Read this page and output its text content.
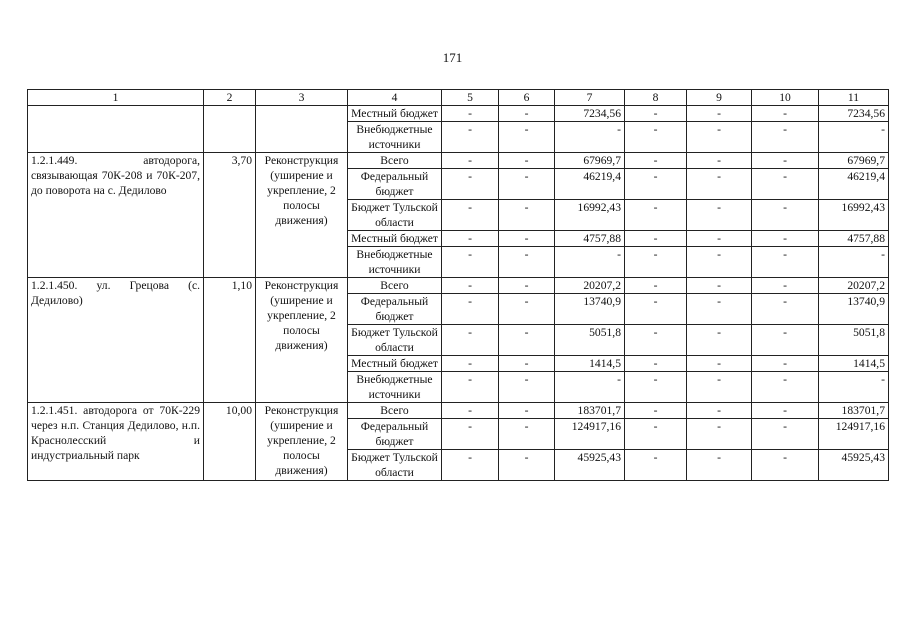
171
1	2	3	4	5	6	7	8	9	10	11
			Местный бюджет	-	-	7234,56	-	-	-	7234,56
			Внебюджетные источники	-	-	-	-	-	-	-
1.2.1.449. автодорога, связывающая 70К-208 и 70К-207, до поворота на с. Дедилово	3,70	Реконструкция (уширение и укрепление, 2 полосы движения)	Всего	-	-	67969,7	-	-	-	67969,7
			Федеральный бюджет	-	-	46219,4	-	-	-	46219,4
			Бюджет Тульской области	-	-	16992,43	-	-	-	16992,43
			Местный бюджет	-	-	4757,88	-	-	-	4757,88
			Внебюджетные источники	-	-	-	-	-	-	-
1.2.1.450. ул. Грецова (с. Дедилово)	1,10	Реконструкция (уширение и укрепление, 2 полосы движения)	Всего	-	-	20207,2	-	-	-	20207,2
			Федеральный бюджет	-	-	13740,9	-	-	-	13740,9
			Бюджет Тульской области	-	-	5051,8	-	-	-	5051,8
			Местный бюджет	-	-	1414,5	-	-	-	1414,5
			Внебюджетные источники	-	-	-	-	-	-	-
1.2.1.451. автодорога от 70К-229 через н.п. Станция Дедилово, н.п. Краснолесский и индустриальный парк	10,00	Реконструкция (уширение и укрепление, 2 полосы движения)	Всего	-	-	183701,7	-	-	-	183701,7
			Федеральный бюджет	-	-	124917,16	-	-	-	124917,16
			Бюджет Тульской области	-	-	45925,43	-	-	-	45925,43
